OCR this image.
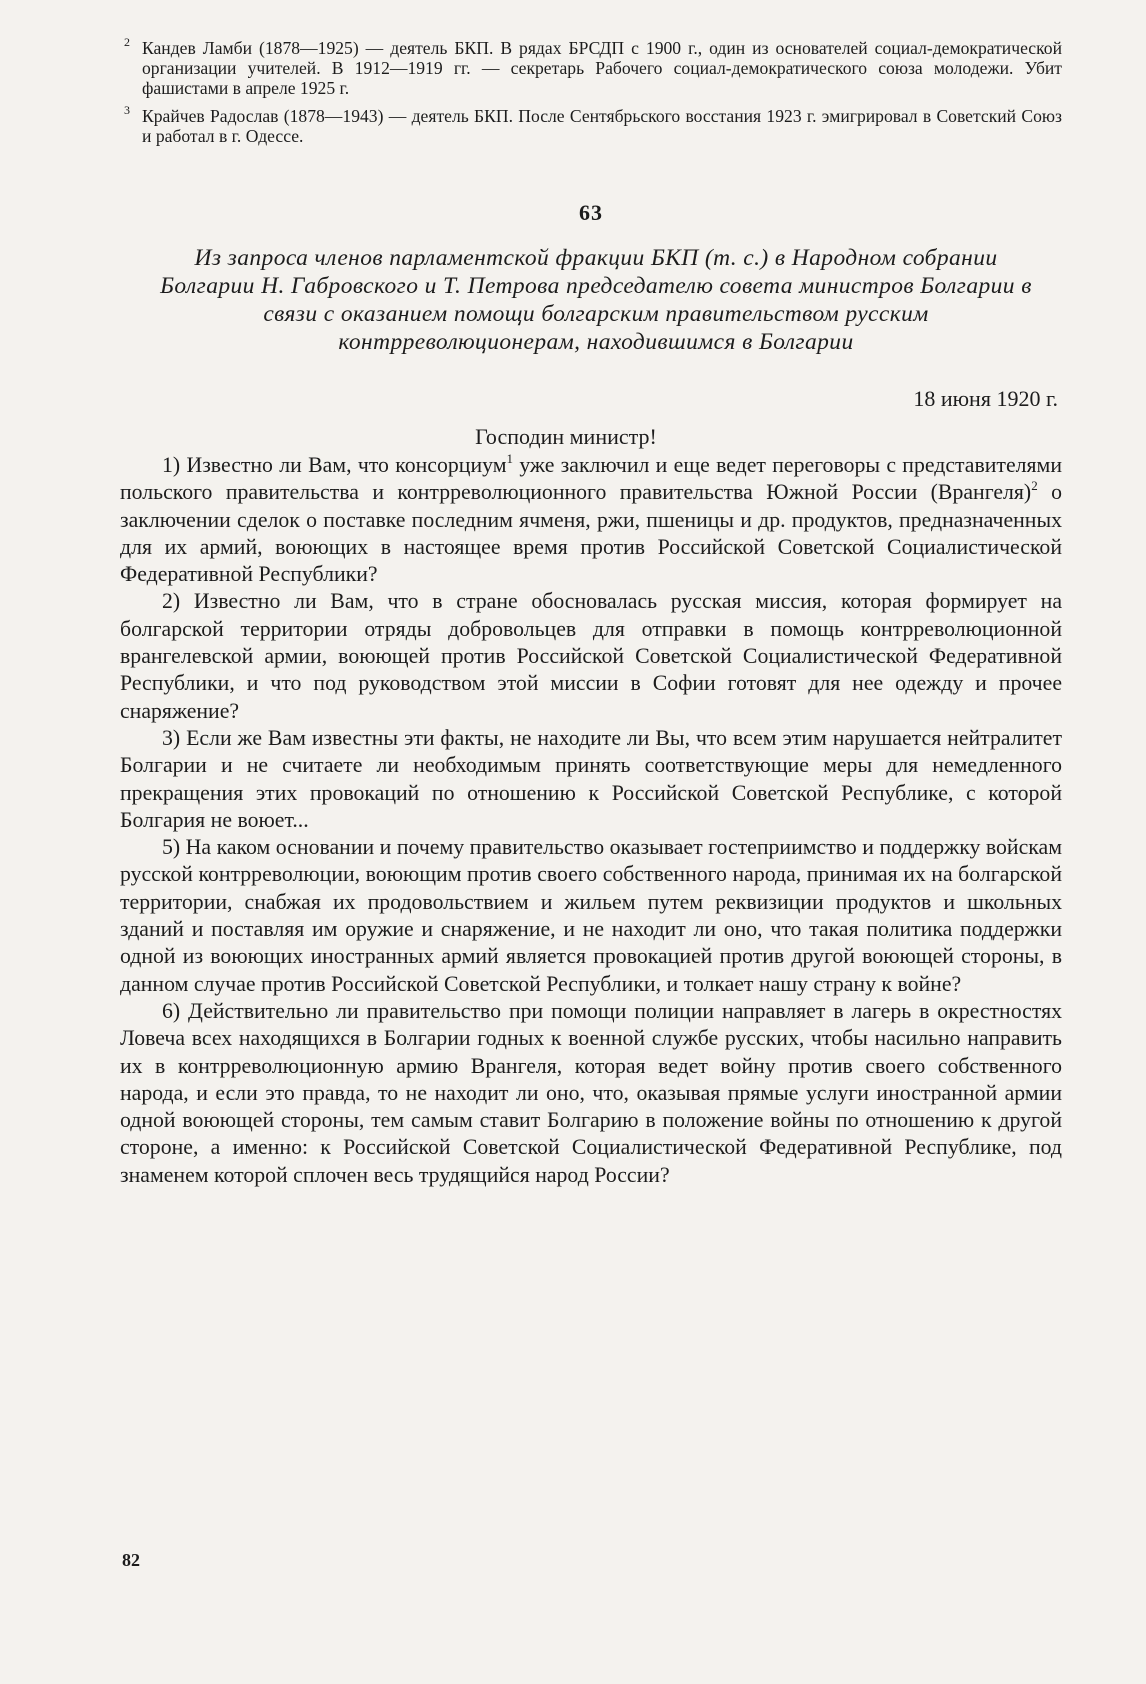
2 Кандев Ламби (1878—1925) — деятель БКП. В рядах БРСДП с 1900 г., один из основателей социал-демократической организации учителей. В 1912—1919 гг. — секретарь Рабочего социал-демократического союза молодежи. Убит фашистами в апреле 1925 г.

3 Крайчев Радослав (1878—1943) — деятель БКП. После Сентябрьского восстания 1923 г. эмигрировал в Советский Союз и работал в г. Одессе.

63
Из запроса членов парламентской фракции БКП (т. с.) в Народном собрании Болгарии Н. Габровского и Т. Петрова председателю совета министров Болгарии в связи с оказанием помощи болгарским правительством русским контрреволюционерам, находившимся в Болгарии
18 июня 1920 г.
Господин министр!

1) Известно ли Вам, что консорциум$^1$ уже заключил и еще ведет переговоры с представителями польского правительства и контрреволюционного правительства Южной России (Врангеля)$^2$ о заключении сделок о поставке последним ячменя, ржи, пшеницы и др. продуктов, предназначенных для их армий, воюющих в настоящее время против Российской Советской Социалистической Федеративной Республики?

2) Известно ли Вам, что в стране обосновалась русская миссия, которая формирует на болгарской территории отряды добровольцев для отправки в помощь контрреволюционной врангелевской армии, воюющей против Российской Советской Социалистической Федеративной Республики, и что под руководством этой миссии в Софии готовят для нее одежду и прочее снаряжение?

3) Если же Вам известны эти факты, не находите ли Вы, что всем этим нарушается нейтралитет Болгарии и не считаете ли необходимым принять соответствующие меры для немедленного прекращения этих провокаций по отношению к Российской Советской Республике, с которой Болгария не воюет...

5) На каком основании и почему правительство оказывает гостеприимство и поддержку войскам русской контрреволюции, воюющим против своего собственного народа, принимая их на болгарской территории, снабжая их продовольствием и жильем путем реквизиции продуктов и школьных зданий и поставляя им оружие и снаряжение, и не находит ли оно, что такая политика поддержки одной из воюющих иностранных армий является провокацией против другой воюющей стороны, в данном случае против Российской Советской Республики, и толкает нашу страну к войне?

6) Действительно ли правительство при помощи полиции направляет в лагерь в окрестностях Ловеча всех находящихся в Болгарии годных к военной службе русских, чтобы насильно направить их в контрреволюционную армию Врангеля, которая ведет войну против своего собственного народа, и если это правда, то не находит ли оно, что, оказывая прямые услуги иностранной армии одной воюющей стороны, тем самым ставит Болгарию в положение войны по отношению к другой стороне, а именно: к Российской Советской Социалистической Федеративной Республике, под знаменем которой сплочен весь трудящийся народ России?

82
